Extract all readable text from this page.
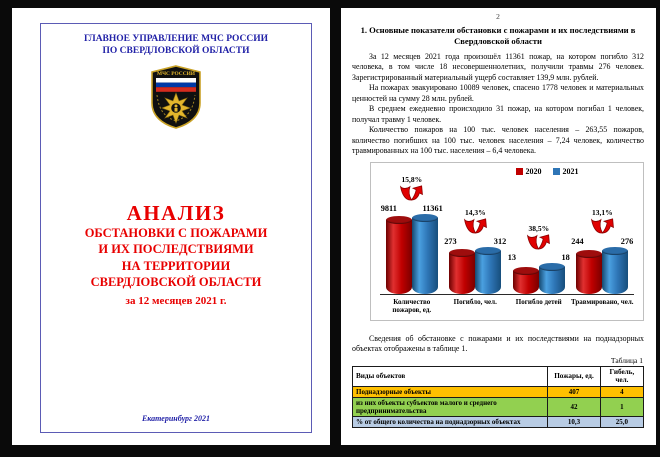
ГЛАВНОЕ УПРАВЛЕНИЕ МЧС РОССИИ
ПО СВЕРДЛОВСКОЙ ОБЛАСТИ
МЧС РОССИИ
АНАЛИЗ
ОБСТАНОВКИ С ПОЖАРАМИ
И ИХ ПОСЛЕДСТВИЯМИ
НА ТЕРРИТОРИИ
СВЕРДЛОВСКОЙ ОБЛАСТИ
за 12 месяцев 2021 г.
Екатеринбург 2021
2
1. Основные показатели обстановки с пожарами и их последствиями в Свердловской области

За 12 месяцев 2021 года произошёл 11361 пожар, на котором погибло 312 человека, в том числе 18 несовершеннолетних, получили травмы 276 человек. Зарегистрированный материальный ущерб составляет 139,9 млн. рублей.

На пожарах эвакуировано 10089 человек, спасено 1778 человек и материальных ценностей на сумму 28 млн. рублей.

В среднем ежедневно происходило 31 пожар, на котором погибал 1 человек, получал травму 1 человек.

Количество пожаров на 100 тыс. человек населения – 263,55 пожаров, количество погибших на 100 тыс. человек населения – 7,24 человек, количество травмированных на 100 тыс. населения – 6,4 человека.

2020	2021
15,8%
9811	11361	14,3%
273	312
38,5%
13	18
13,1%
244	276
Количество пожаров, ед.
Погибло, чел.	Погибло детей	Травмировано, чел.

Сведения об обстановке с пожарами и их последствиями на поднадзорных объектах отображены в таблице 1.

Таблица 1
Виды объектов	Пожары, ед.	Гибель, чел.
Поднадзорные объекты	407	4
из них объекты субъектов малого и среднего предпринимательства	42	1
% от общего количества на поднадзорных объектах	10,3	25,0
